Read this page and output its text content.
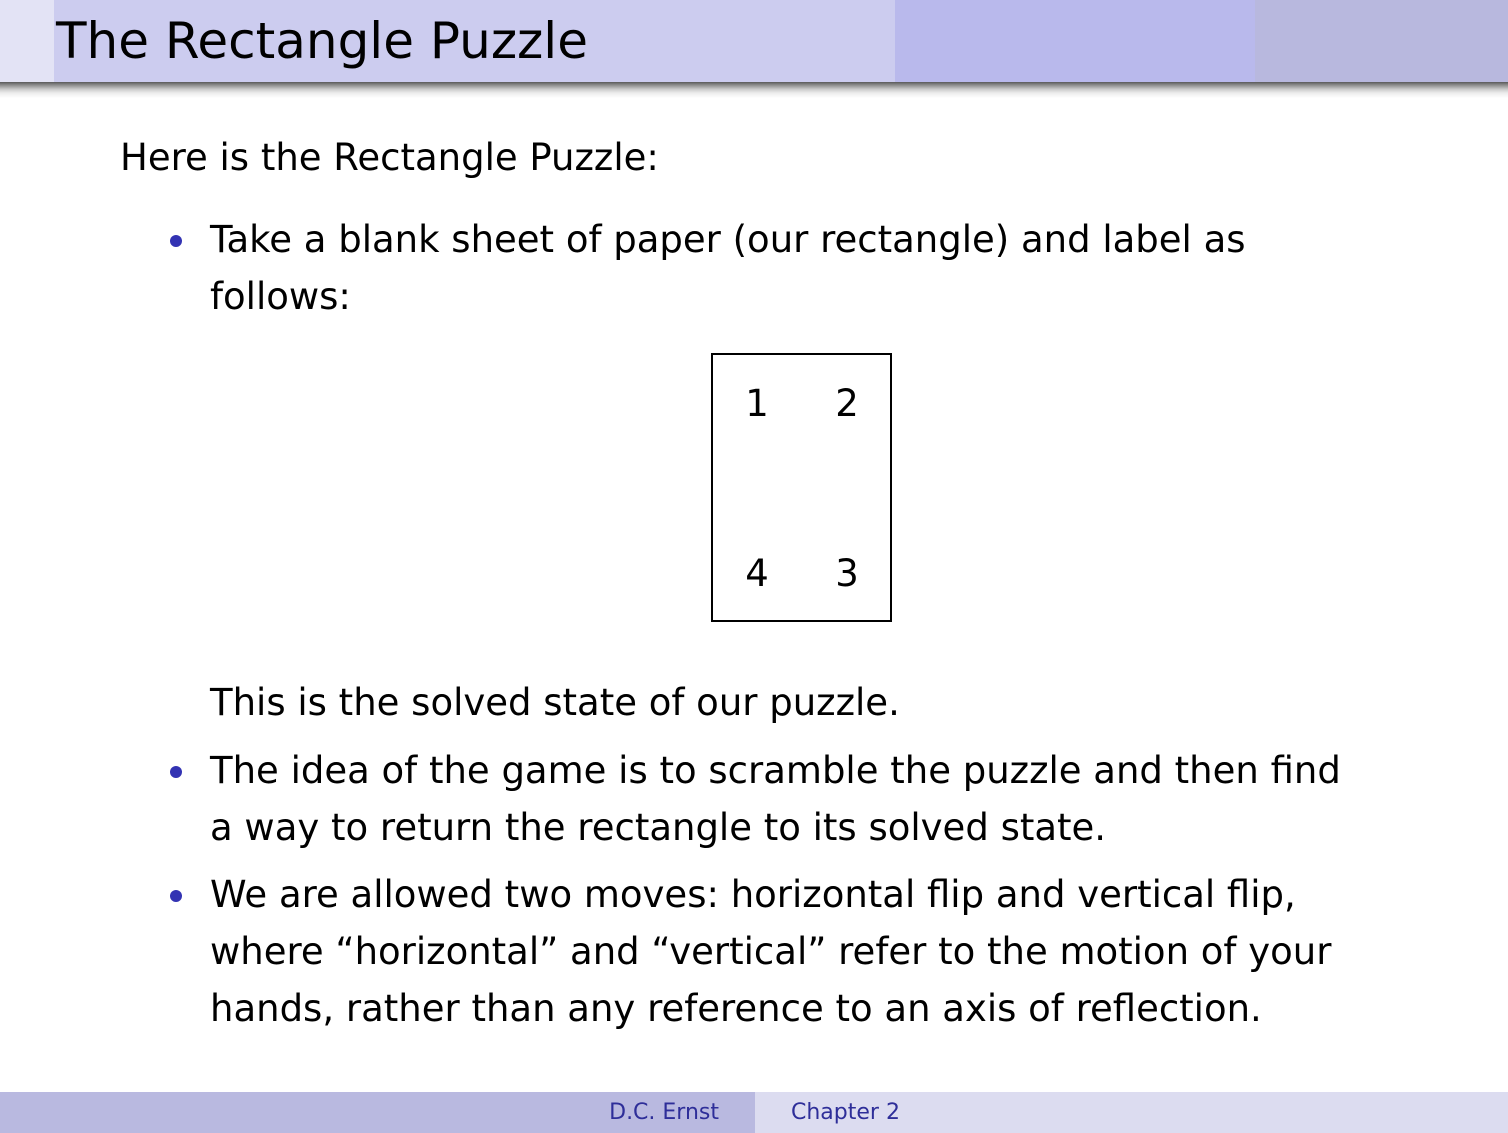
The Rectangle Puzzle
Here is the Rectangle Puzzle:
Take a blank sheet of paper (our rectangle) and label as
follows:
1 2
4 3
This is the solved state of our puzzle.
The idea of the game is to scramble the puzzle and then find
a way to return the rectangle to its solved state.
We are allowed two moves: horizontal flip and vertical flip,
where “horizontal” and “vertical” refer to the motion of your
hands, rather than any reference to an axis of reflection.
D.C. Ernst	Chapter 2
